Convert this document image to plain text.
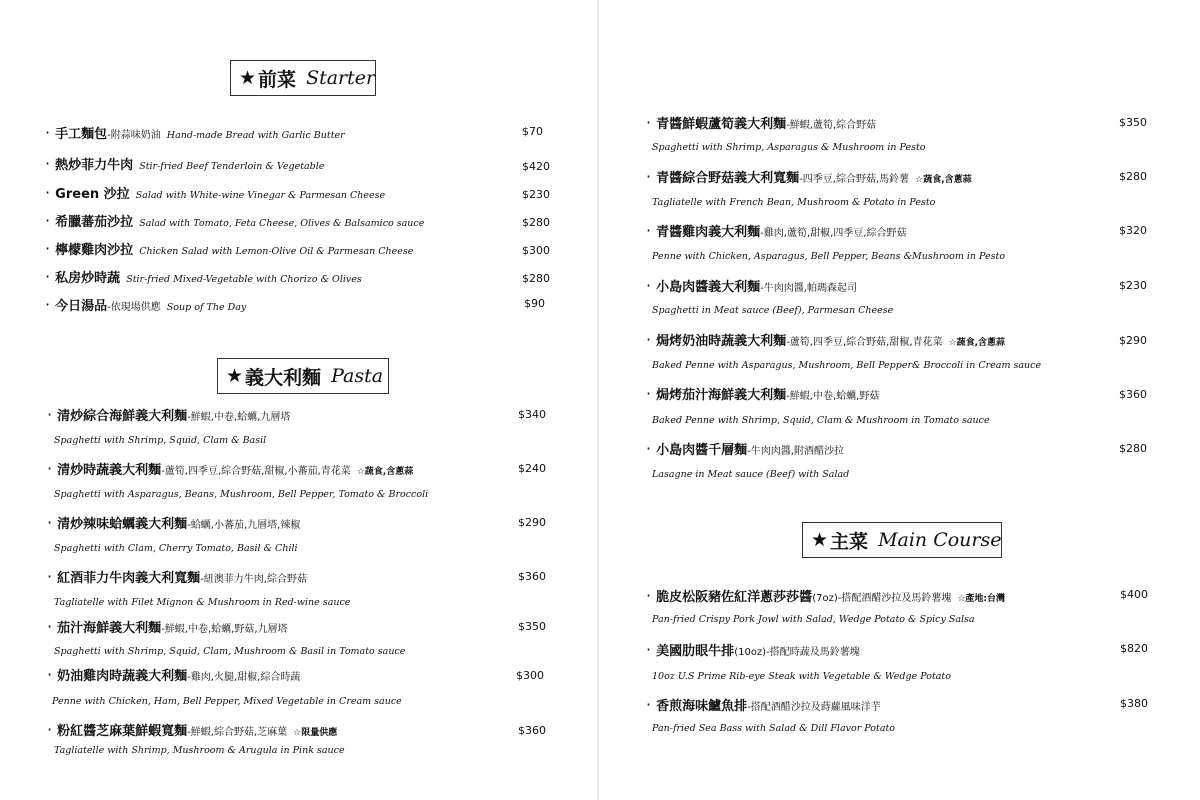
★ 前菜 Starter
· 手工麵包-附蒜味奶油 Hand-made Bread with Garlic Butter	$70
· 熱炒菲力牛肉 Stir-fried Beef Tenderloin & Vegetable	$420
· Green 沙拉 Salad with White-wine Vinegar & Parmesan Cheese	$230
· 希臘蕃茄沙拉 Salad with Tomato, Feta Cheese, Olives & Balsamico sauce	$280
· 檸檬雞肉沙拉 Chicken Salad with Lemon-Olive Oil & Parmesan Cheese	$300
· 私房炒時蔬 Stir-fried Mixed-Vegetable with Chorizo & Olives	$280
· 今日湯品-依現場供應 Soup of The Day	$90
★ 義大利麵 Pasta
· 清炒綜合海鮮義大利麵-鮮蝦,中卷,蛤蠣,九層塔	$340
Spaghetti with Shrimp, Squid, Clam & Basil
· 清炒時蔬義大利麵-蘆筍,四季豆,綜合野菇,甜椒,小蕃茄,青花菜 ☆蔬食,含蔥蒜	$240
Spaghetti with Asparagus, Beans, Mushroom, Bell Pepper, Tomato & Broccoli
· 清炒辣味蛤蠣義大利麵-蛤蠣,小蕃茄,九層塔,辣椒	$290
Spaghetti with Clam, Cherry Tomato, Basil & Chili
· 紅酒菲力牛肉義大利寬麵-紐澳菲力牛肉,綜合野菇	$360
Tagliatelle with Filet Mignon & Mushroom in Red-wine sauce
· 茄汁海鮮義大利麵-鮮蝦,中卷,蛤蠣,野菇,九層塔	$350
Spaghetti with Shrimp, Squid, Clam, Mushroom & Basil in Tomato sauce
· 奶油雞肉時蔬義大利麵-雞肉,火腿,甜椒,綜合時蔬	$300
Penne with Chicken, Ham, Bell Pepper, Mixed Vegetable in Cream sauce
· 粉紅醬芝麻葉鮮蝦寬麵-鮮蝦,綜合野菇,芝麻葉 ☆限量供應	$360
Tagliatelle with Shrimp, Mushroom & Arugula in Pink sauce
· 青醬鮮蝦蘆筍義大利麵-鮮蝦,蘆筍,綜合野菇	$350
Spaghetti with Shrimp, Asparagus & Mushroom in Pesto
· 青醬綜合野菇義大利寬麵-四季豆,綜合野菇,馬鈴薯 ☆蔬食,含蔥蒜	$280
Tagliatelle with French Bean, Mushroom & Potato in Pesto
· 青醬雞肉義大利麵-雞肉,蘆筍,甜椒,四季豆,綜合野菇	$320
Penne with Chicken, Asparagus, Bell Pepper, Beans &Mushroom in Pesto
· 小島肉醬義大利麵-牛肉肉醬,帕瑪森起司	$230
Spaghetti in Meat sauce (Beef), Parmesan Cheese
· 焗烤奶油時蔬義大利麵-蘆筍,四季豆,綜合野菇,甜椒,青花菜 ☆蔬食,含蔥蒜	$290
Baked Penne with Asparagus, Mushroom, Bell Pepper& Broccoli in Cream sauce
· 焗烤茄汁海鮮義大利麵-鮮蝦,中卷,蛤蠣,野菇	$360
Baked Penne with Shrimp, Squid, Clam & Mushroom in Tomato sauce
· 小島肉醬千層麵-牛肉肉醬,附酒醋沙拉	$280
Lasagne in Meat sauce (Beef) with Salad
★ 主菜 Main Course
· 脆皮松阪豬佐紅洋蔥莎莎醬(7oz)-搭配酒醋沙拉及馬鈴薯塊 ☆產地:台灣	$400
Pan-fried Crispy Pork Jowl with Salad, Wedge Potato & Spicy Salsa
· 美國肋眼牛排(10oz)-搭配時蔬及馬鈴薯塊	$820
10oz U.S Prime Rib-eye Steak with Vegetable & Wedge Potato
· 香煎海味鱸魚排-搭配酒醋沙拉及蒔蘿風味洋芋	$380
Pan-fried Sea Bass with Salad & Dill Flavor Potato
